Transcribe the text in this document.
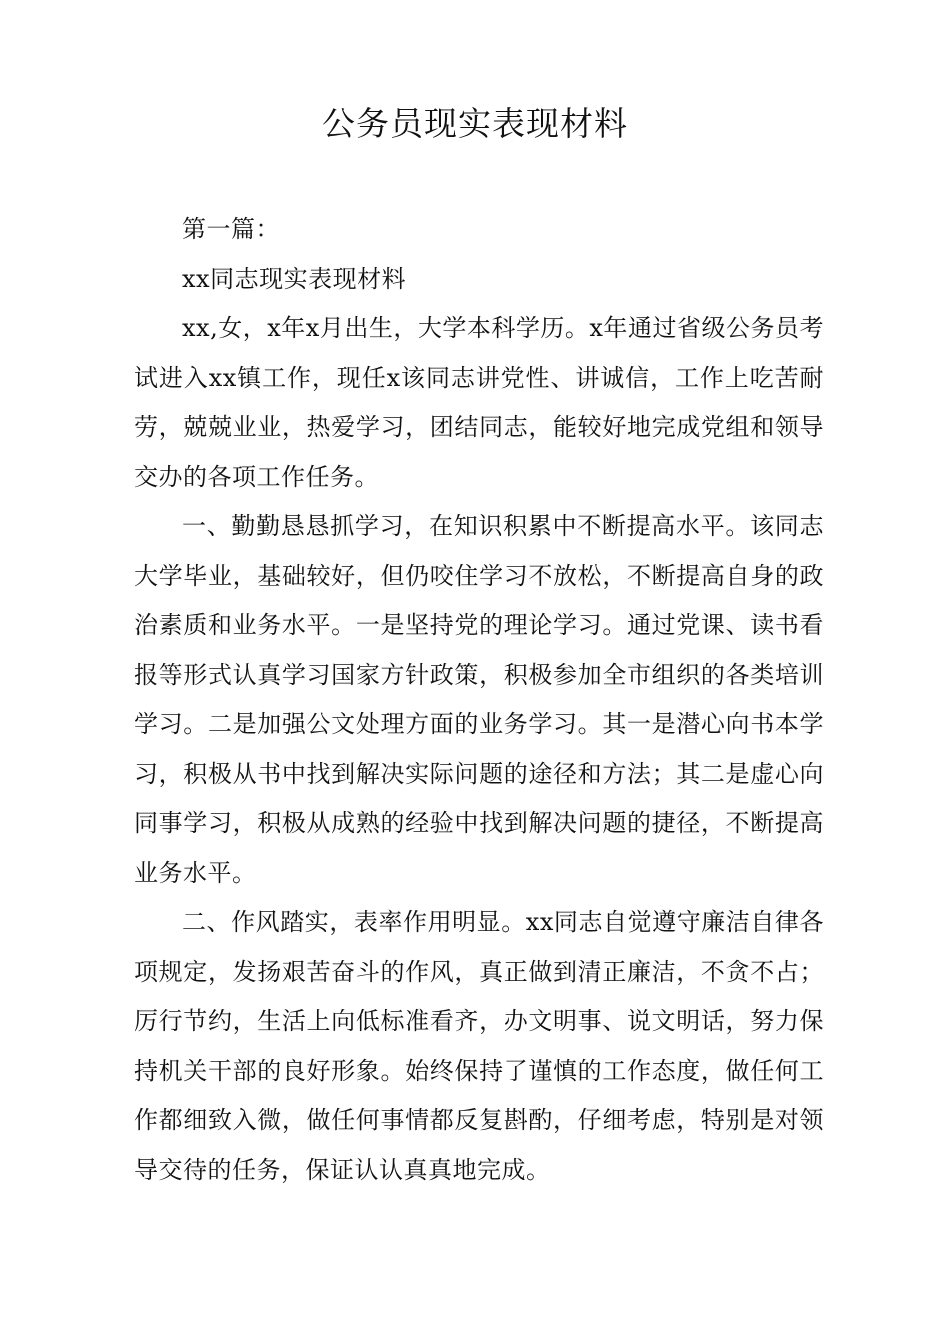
公务员现实表现材料

第一篇：

xx同志现实表现材料

xx,女，x年x月出生，大学本科学历。x年通过省级公务员考试进入xx镇工作，现任x该同志讲党性、讲诚信，工作上吃苦耐劳，兢兢业业，热爱学习，团结同志，能较好地完成党组和领导交办的各项工作任务。

一、勤勤恳恳抓学习，在知识积累中不断提高水平。该同志大学毕业，基础较好，但仍咬住学习不放松，不断提高自身的政治素质和业务水平。一是坚持党的理论学习。通过党课、读书看报等形式认真学习国家方针政策，积极参加全市组织的各类培训学习。二是加强公文处理方面的业务学习。其一是潜心向书本学习，积极从书中找到解决实际问题的途径和方法；其二是虚心向同事学习，积极从成熟的经验中找到解决问题的捷径，不断提高业务水平。

二、作风踏实，表率作用明显。xx同志自觉遵守廉洁自律各项规定，发扬艰苦奋斗的作风，真正做到清正廉洁，不贪不占；厉行节约，生活上向低标准看齐，办文明事、说文明话，努力保持机关干部的良好形象。始终保持了谨慎的工作态度，做任何工作都细致入微，做任何事情都反复斟酌，仔细考虑，特别是对领导交待的任务，保证认认真真地完成。
